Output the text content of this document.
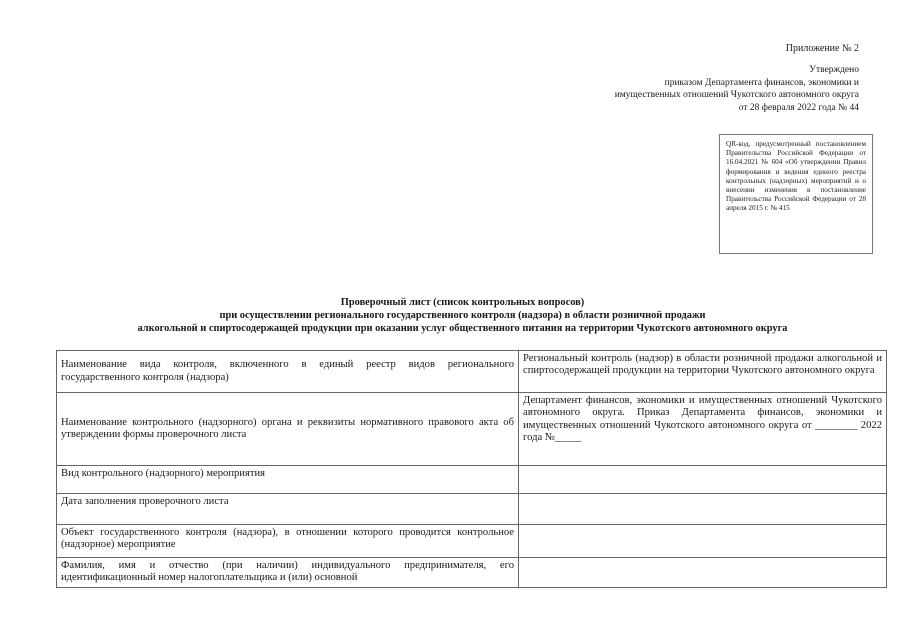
Приложение № 2
Утверждено
приказом Департамента финансов, экономики и
имущественных отношений Чукотского автономного округа
от 28 февраля 2022 года № 44
QR-код, предусмотренный постановлением Правительства Российской Федерации от 16.04.2021 № 604 «Об утверждении Правил формирования и ведения единого реестра контрольных (надзорных) мероприятий и о внесении изменения в постановление Правительства Российской Федерации от 28 апреля 2015 г. № 415
Проверочный лист (список контрольных вопросов)
при осуществлении регионального государственного контроля (надзора) в области розничной продажи
алкогольной и спиртосодержащей продукции при оказании услуг общественного питания на территории Чукотского автономного округа
Наименование вида контроля, включенного в единый реестр видов регионального государственного контроля (надзора)	Региональный контроль (надзор) в области розничной продажи алкогольной и спиртосодержащей продукции на территории Чукотского автономного округа
Наименование контрольного (надзорного) органа и реквизиты нормативного правового акта об утверждении формы проверочного листа	Департамент финансов, экономики и имущественных отношений Чукотского автономного округа. Приказ Департамента финансов, экономики и имущественных отношений Чукотского автономного округа от ________ 2022 года №_____
Вид контрольного (надзорного) мероприятия	
Дата заполнения проверочного листа	
Объект государственного контроля (надзора), в отношении которого проводится контрольное (надзорное) мероприятие	
Фамилия, имя и отчество (при наличии) индивидуального предпринимателя, его идентификационный номер налогоплательщика и (или) основной	
